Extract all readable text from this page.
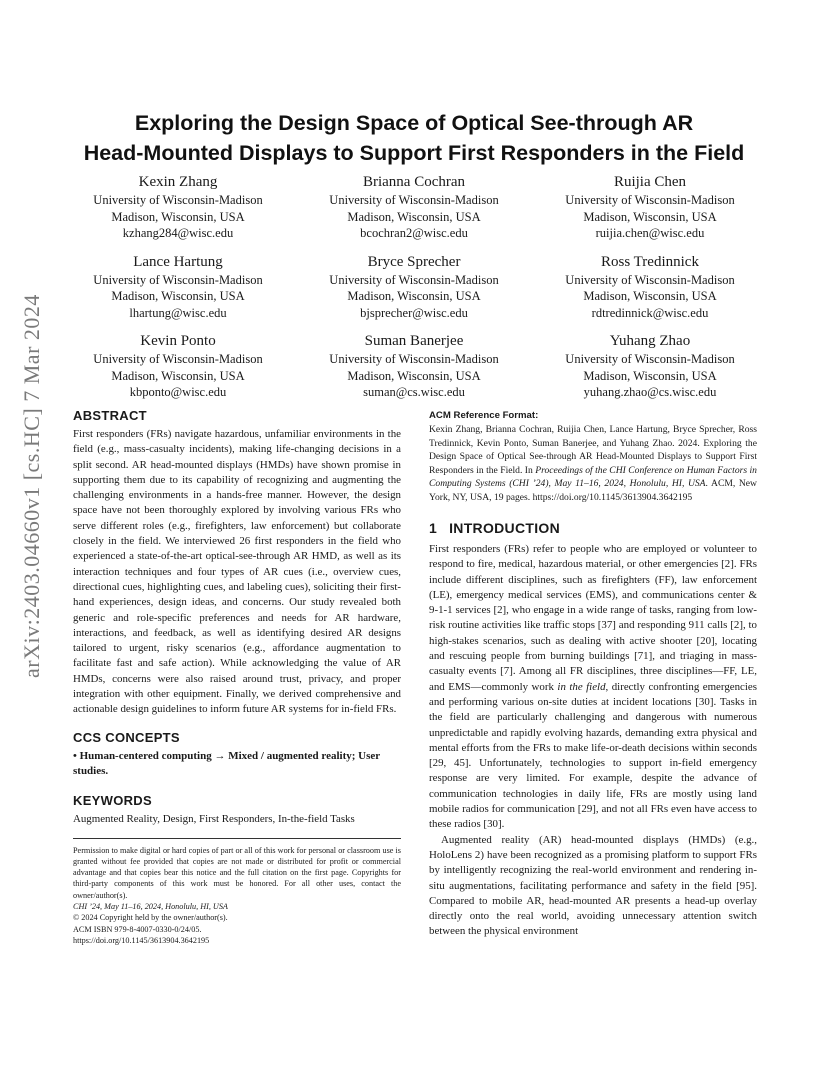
arXiv:2403.04660v1 [cs.HC] 7 Mar 2024
Exploring the Design Space of Optical See-through AR
Head-Mounted Displays to Support First Responders in the Field
Kexin Zhang
University of Wisconsin-Madison
Madison, Wisconsin, USA
kzhang284@wisc.edu
Brianna Cochran
University of Wisconsin-Madison
Madison, Wisconsin, USA
bcochran2@wisc.edu
Ruijia Chen
University of Wisconsin-Madison
Madison, Wisconsin, USA
ruijia.chen@wisc.edu
Lance Hartung
University of Wisconsin-Madison
Madison, Wisconsin, USA
lhartung@wisc.edu
Bryce Sprecher
University of Wisconsin-Madison
Madison, Wisconsin, USA
bjsprecher@wisc.edu
Ross Tredinnick
University of Wisconsin-Madison
Madison, Wisconsin, USA
rdtredinnick@wisc.edu
Kevin Ponto
University of Wisconsin-Madison
Madison, Wisconsin, USA
kbponto@wisc.edu
Suman Banerjee
University of Wisconsin-Madison
Madison, Wisconsin, USA
suman@cs.wisc.edu
Yuhang Zhao
University of Wisconsin-Madison
Madison, Wisconsin, USA
yuhang.zhao@cs.wisc.edu
ABSTRACT

First responders (FRs) navigate hazardous, unfamiliar environments in the field (e.g., mass-casualty incidents), making life-changing decisions in a split second. AR head-mounted displays (HMDs) have shown promise in supporting them due to its capability of recognizing and augmenting the challenging environments in a hands-free manner. However, the design space have not been thoroughly explored by involving various FRs who serve different roles (e.g., firefighters, law enforcement) but collaborate closely in the field. We interviewed 26 first responders in the field who experienced a state-of-the-art optical-see-through AR HMD, as well as its interaction techniques and four types of AR cues (i.e., overview cues, directional cues, highlighting cues, and labeling cues), soliciting their first-hand experiences, design ideas, and concerns. Our study revealed both generic and role-specific preferences and needs for AR hardware, interactions, and feedback, as well as identifying desired AR designs tailored to urgent, risky scenarios (e.g., affordance augmentation to facilitate fast and safe action). While acknowledging the value of AR HMDs, concerns were also raised around trust, privacy, and proper integration with other equipment. Finally, we derived comprehensive and actionable design guidelines to inform future AR systems for in-field FRs.

CCS CONCEPTS
• Human-centered computing → Mixed / augmented reality; User studies.
KEYWORDS
Augmented Reality, Design, First Responders, In-the-field Tasks
Permission to make digital or hard copies of part or all of this work for personal or classroom use is granted without fee provided that copies are not made or distributed for profit or commercial advantage and that copies bear this notice and the full citation on the first page. Copyrights for third-party components of this work must be honored. For all other uses, contact the owner/author(s).
CHI ’24, May 11–16, 2024, Honolulu, HI, USA
© 2024 Copyright held by the owner/author(s).
ACM ISBN 979-8-4007-0330-0/24/05.
https://doi.org/10.1145/3613904.3642195
ACM Reference Format:
Kexin Zhang, Brianna Cochran, Ruijia Chen, Lance Hartung, Bryce Sprecher, Ross Tredinnick, Kevin Ponto, Suman Banerjee, and Yuhang Zhao. 2024. Exploring the Design Space of Optical See-through AR Head-Mounted Displays to Support First Responders in the Field. In Proceedings of the CHI Conference on Human Factors in Computing Systems (CHI ’24), May 11–16, 2024, Honolulu, HI, USA. ACM, New York, NY, USA, 19 pages. https://doi.org/10.1145/3613904.3642195
1 INTRODUCTION

First responders (FRs) refer to people who are employed or volunteer to respond to fire, medical, hazardous material, or other emergencies [2]. FRs include different disciplines, such as firefighters (FF), law enforcement (LE), emergency medical services (EMS), and communications center & 9-1-1 services [2], who engage in a wide range of tasks, ranging from low-risk routine activities like traffic stops [37] and responding 911 calls [2], to high-stakes scenarios, such as dealing with active shooter [20], locating and rescuing people from burning buildings [71], and triaging in mass-casualty events [7]. Among all FR disciplines, three disciplines—FF, LE, and EMS—commonly work in the field, directly confronting emergencies and performing various on-site duties at incident locations [30]. Tasks in the field are particularly challenging and dangerous with numerous unpredictable and rapidly evolving hazards, demanding extra physical and mental efforts from the FRs to make life-or-death decisions within seconds [29, 45]. Unfortunately, technologies to support in-field emergency response are very limited. For example, despite the advance of communication technologies in daily life, FRs are mostly using land mobile radios for communication [29], and not all FRs even have access to these radios [30].

Augmented reality (AR) head-mounted displays (HMDs) (e.g., HoloLens 2) have been recognized as a promising platform to support FRs by intelligently recognizing the real-world environment and rendering in-situ augmentations, facilitating performance and safety in the field [95]. Compared to mobile AR, head-mounted AR presents a head-up overlay directly onto the real world, avoiding unnecessary attention switch between the physical environment
